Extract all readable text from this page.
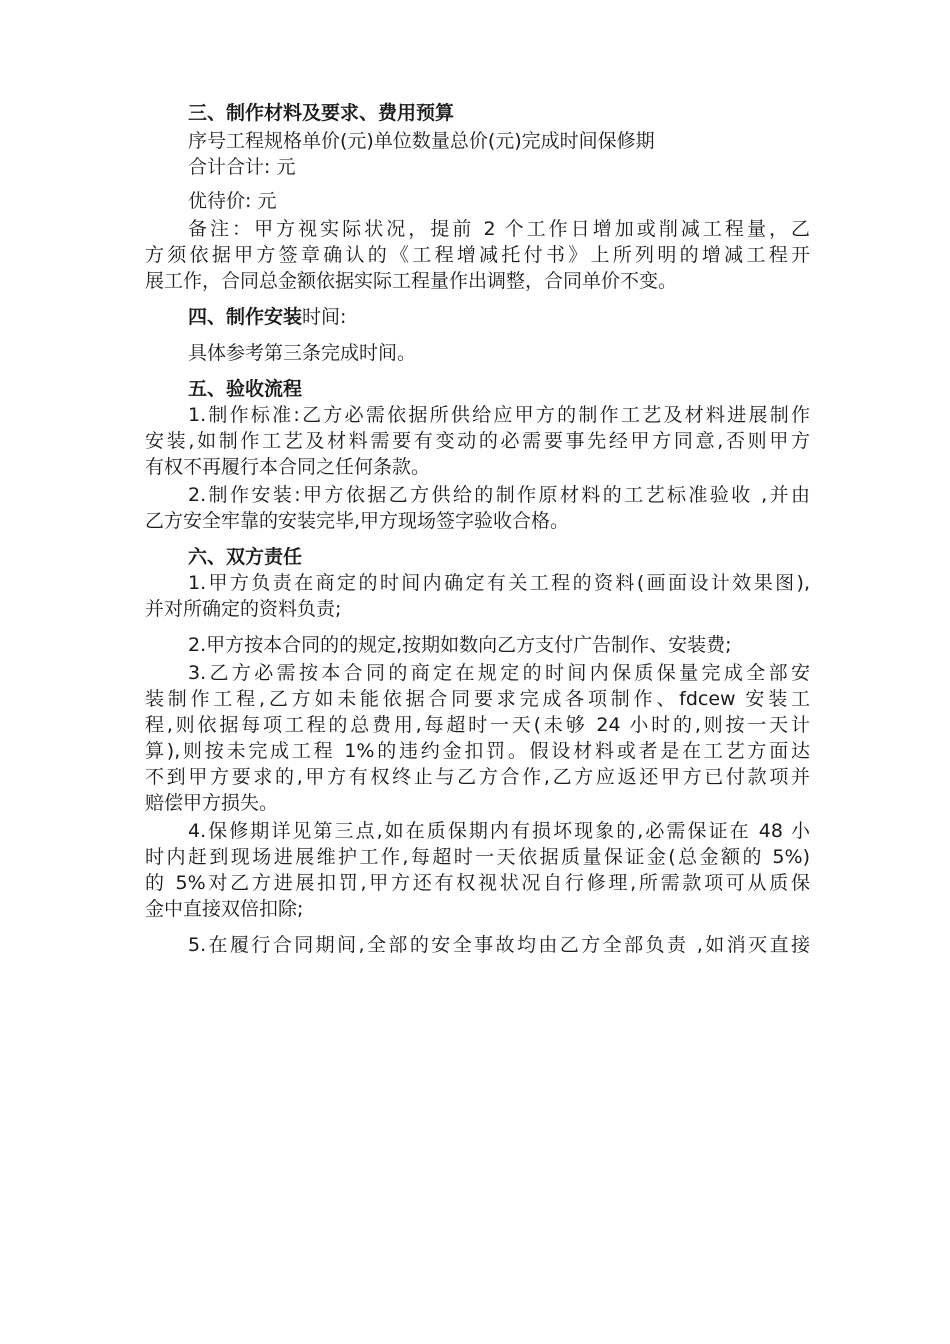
三、制作材料及要求、费用预算

序号工程规格单价(元)单位数量总价(元)完成时间保修期

合计合计: 元

优待价: 元

备注：甲方视实际状况，提前 2 个工作日增加或削减工程量，乙

方须依据甲方签章确认的《工程增减托付书》上所列明的增减工程开

展工作，合同总金额依据实际工程量作出调整，合同单价不变。

四、制作安装时间:

具体参考第三条完成时间。

五、验收流程

1.制作标准:乙方必需依据所供给应甲方的制作工艺及材料进展制作

安装,如制作工艺及材料需要有变动的必需要事先经甲方同意,否则甲方

有权不再履行本合同之任何条款。

2.制作安装:甲方依据乙方供给的制作原材料的工艺标准验收 ,并由

乙方安全牢靠的安装完毕,甲方现场签字验收合格。

六、双方责任

1.甲方负责在商定的时间内确定有关工程的资料(画面设计效果图),

并对所确定的资料负责;

2.甲方按本合同的的规定,按期如数向乙方支付广告制作、安装费;

3.乙方必需按本合同的商定在规定的时间内保质保量完成全部安

装制作工程,乙方如未能依据合同要求完成各项制作、fdcew 安装工

程,则依据每项工程的总费用,每超时一天(未够 24 小时的,则按一天计

算),则按未完成工程 1%的违约金扣罚。假设材料或者是在工艺方面达

不到甲方要求的,甲方有权终止与乙方合作,乙方应返还甲方已付款项并

赔偿甲方损失。

4.保修期详见第三点,如在质保期内有损坏现象的,必需保证在 48 小

时内赶到现场进展维护工作,每超时一天依据质量保证金(总金额的 5%)

的 5%对乙方进展扣罚,甲方还有权视状况自行修理,所需款项可从质保

金中直接双倍扣除;

5.在履行合同期间,全部的安全事故均由乙方全部负责 ,如消灭直接
